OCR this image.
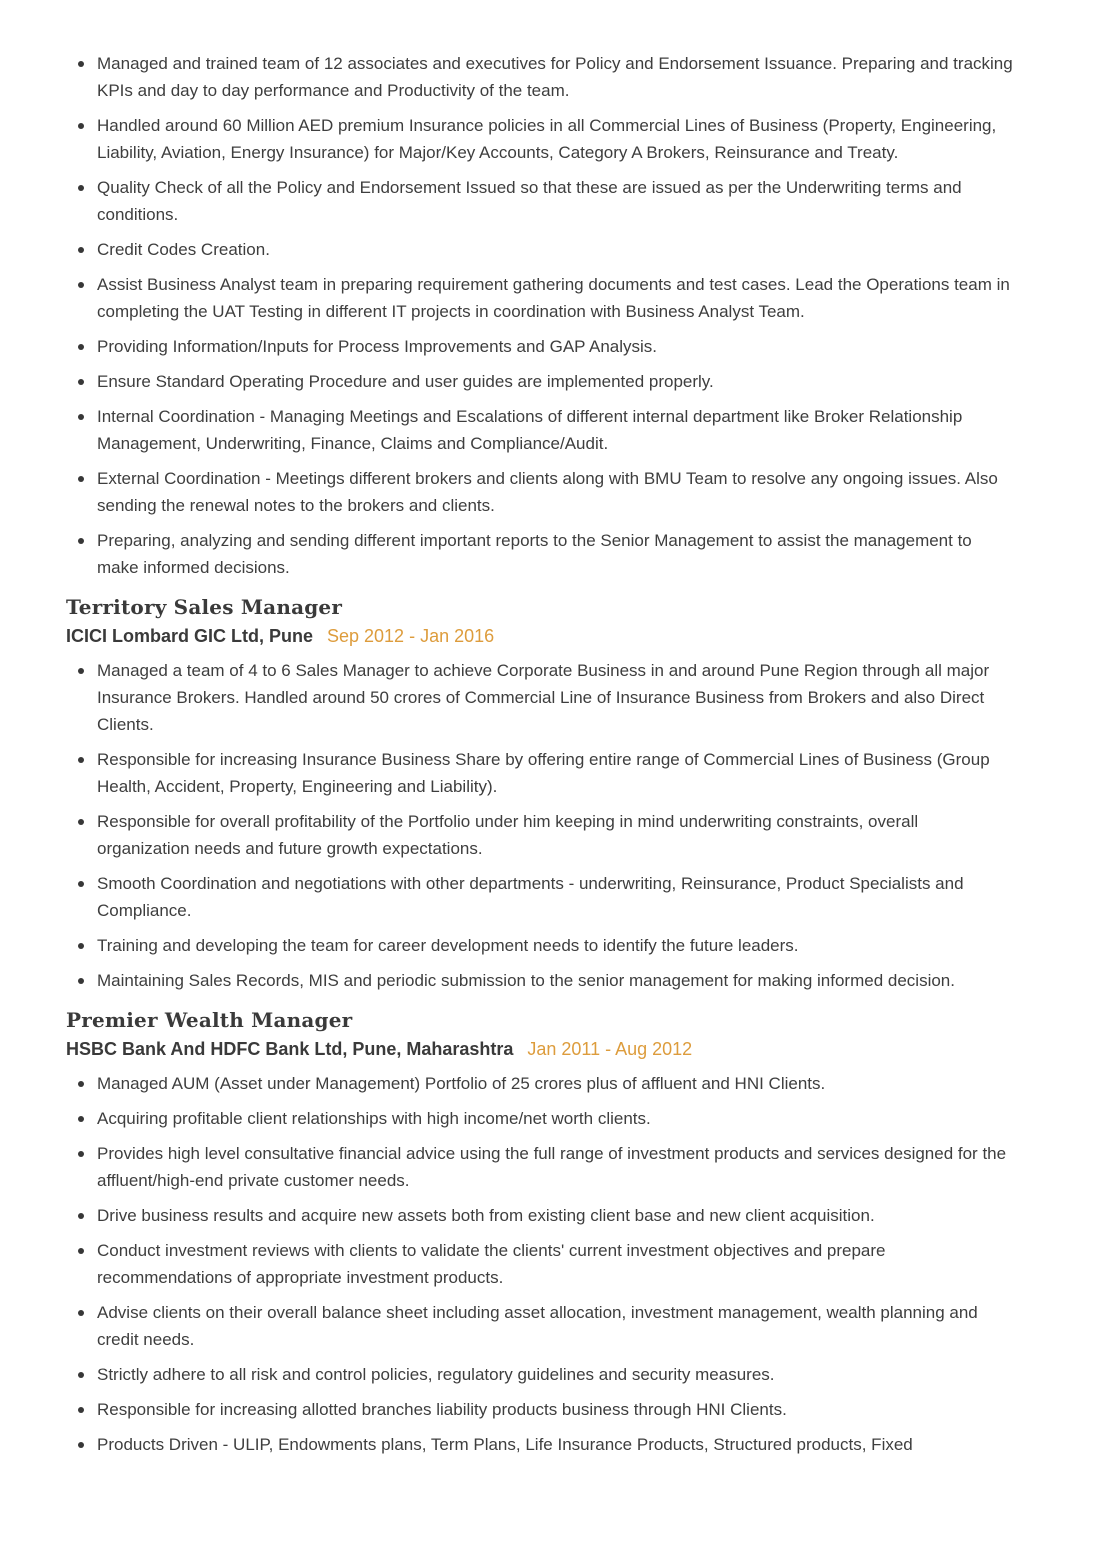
Managed and trained team of 12 associates and executives for Policy and Endorsement Issuance. Preparing and tracking KPIs and day to day performance and Productivity of the team.
Handled around 60 Million AED premium Insurance policies in all Commercial Lines of Business (Property, Engineering, Liability, Aviation, Energy Insurance) for Major/Key Accounts, Category A Brokers, Reinsurance and Treaty.
Quality Check of all the Policy and Endorsement Issued so that these are issued as per the Underwriting terms and conditions.
Credit Codes Creation.
Assist Business Analyst team in preparing requirement gathering documents and test cases. Lead the Operations team in completing the UAT Testing in different IT projects in coordination with Business Analyst Team.
Providing Information/Inputs for Process Improvements and GAP Analysis.
Ensure Standard Operating Procedure and user guides are implemented properly.
Internal Coordination - Managing Meetings and Escalations of different internal department like Broker Relationship Management, Underwriting, Finance, Claims and Compliance/Audit.
External Coordination - Meetings different brokers and clients along with BMU Team to resolve any ongoing issues. Also sending the renewal notes to the brokers and clients.
Preparing, analyzing and sending different important reports to the Senior Management to assist the management to make informed decisions.
Territory Sales Manager

ICICI Lombard GIC Ltd, Pune Sep 2012 - Jan 2016

Managed a team of 4 to 6 Sales Manager to achieve Corporate Business in and around Pune Region through all major Insurance Brokers. Handled around 50 crores of Commercial Line of Insurance Business from Brokers and also Direct Clients.
Responsible for increasing Insurance Business Share by offering entire range of Commercial Lines of Business (Group Health, Accident, Property, Engineering and Liability).
Responsible for overall profitability of the Portfolio under him keeping in mind underwriting constraints, overall organization needs and future growth expectations.
Smooth Coordination and negotiations with other departments - underwriting, Reinsurance, Product Specialists and Compliance.
Training and developing the team for career development needs to identify the future leaders.
Maintaining Sales Records, MIS and periodic submission to the senior management for making informed decision.
Premier Wealth Manager

HSBC Bank And HDFC Bank Ltd, Pune, Maharashtra Jan 2011 - Aug 2012

Managed AUM (Asset under Management) Portfolio of 25 crores plus of affluent and HNI Clients.
Acquiring profitable client relationships with high income/net worth clients.
Provides high level consultative financial advice using the full range of investment products and services designed for the affluent/high-end private customer needs.
Drive business results and acquire new assets both from existing client base and new client acquisition.
Conduct investment reviews with clients to validate the clients' current investment objectives and prepare recommendations of appropriate investment products.
Advise clients on their overall balance sheet including asset allocation, investment management, wealth planning and credit needs.
Strictly adhere to all risk and control policies, regulatory guidelines and security measures.
Responsible for increasing allotted branches liability products business through HNI Clients.
Products Driven - ULIP, Endowments plans, Term Plans, Life Insurance Products, Structured products, Fixed
